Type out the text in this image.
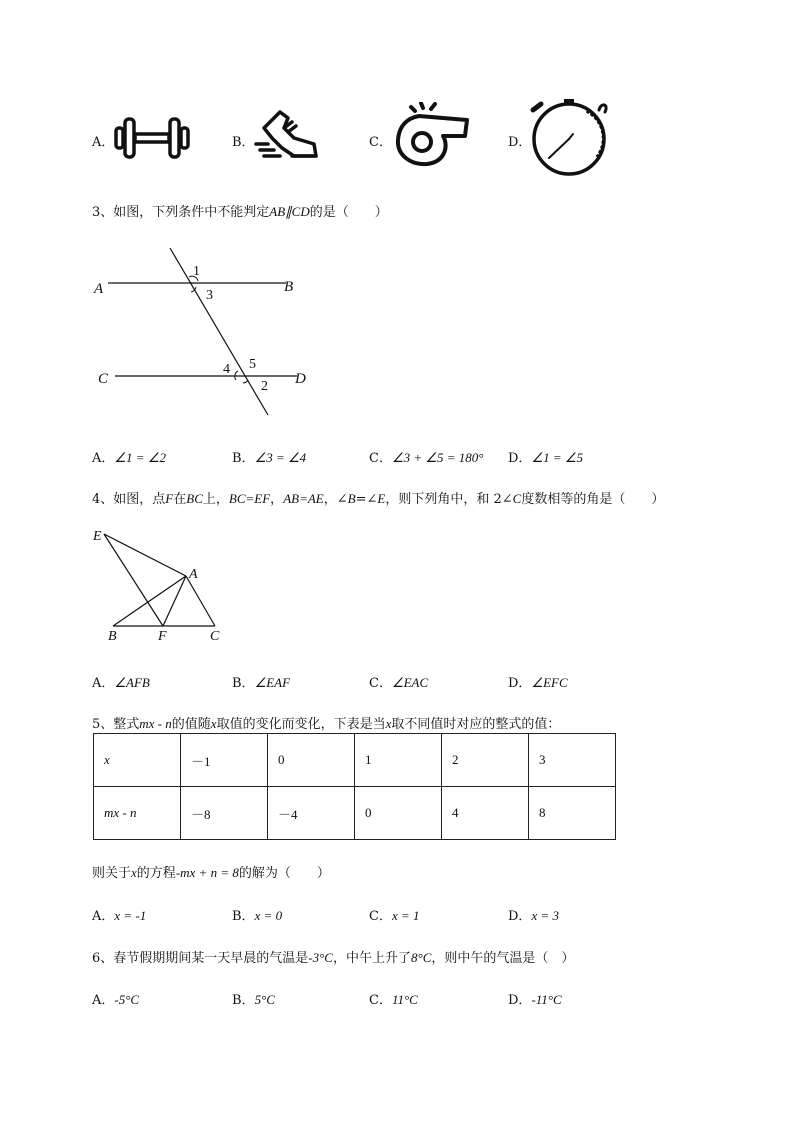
A．	B．	C．	D．
3、如图，下列条件中不能判定AB∥CD的是（　　）
A	B
C	D
1
3
4 5
2
A．∠1 = ∠2	B．∠3 = ∠4	C．∠3 + ∠5 = 180° D．∠1 = ∠5
4、如图，点F在BC上，BC=EF，AB=AE，∠B=∠E，则下列角中，和 2∠C度数相等的角是（　　）
E
A
B	F	C
A．∠AFB	B．∠EAF	C．∠EAC	D．∠EFC
5、整式mx - n的值随x取值的变化而变化，下表是当x取不同值时对应的整式的值：
x	－1	0	1	2	3
mx - n	－8	－4	0	4	8
则关于x的方程-mx + n = 8的解为（　　）
A．x = -1	B．x = 0	C．x = 1	D．x = 3
6、春节假期期间某一天早晨的气温是-3°C，中午上升了8°C，则中午的气温是（　）
A．-5°C	B．5°C	C．11°C	D．-11°C
